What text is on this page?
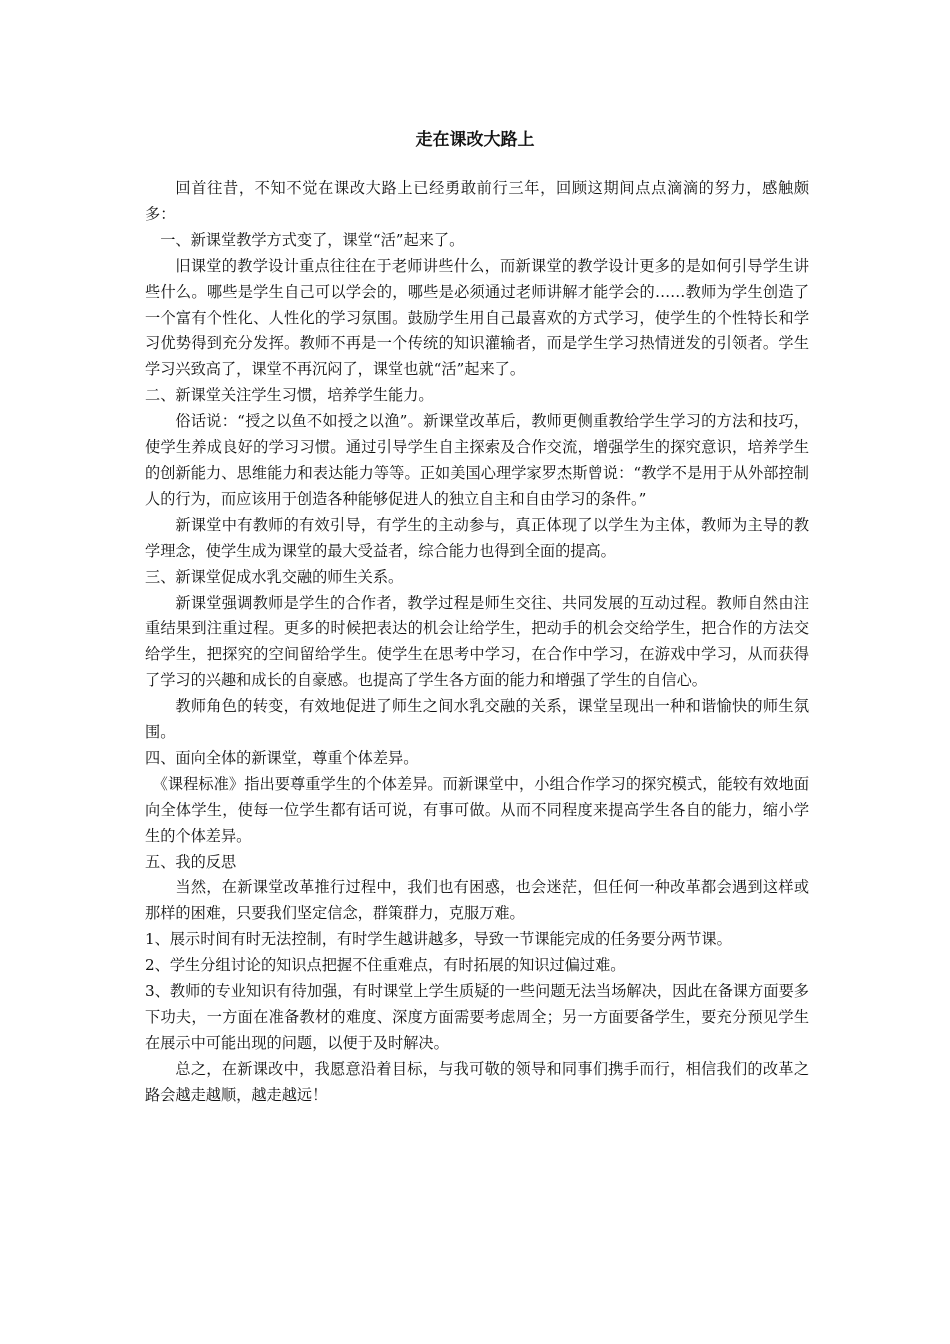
走在课改大路上

回首往昔，不知不觉在课改大路上已经勇敢前行三年，回顾这期间点点滴滴的努力，感触颇多：

一、新课堂教学方式变了，课堂“活”起来了。

旧课堂的教学设计重点往往在于老师讲些什么，而新课堂的教学设计更多的是如何引导学生讲些什么。哪些是学生自己可以学会的，哪些是必须通过老师讲解才能学会的……教师为学生创造了一个富有个性化、人性化的学习氛围。鼓励学生用自己最喜欢的方式学习，使学生的个性特长和学习优势得到充分发挥。教师不再是一个传统的知识灌输者，而是学生学习热情迸发的引领者。学生学习兴致高了，课堂不再沉闷了，课堂也就“活”起来了。

二、新课堂关注学生习惯，培养学生能力。

俗话说：“授之以鱼不如授之以渔”。新课堂改革后，教师更侧重教给学生学习的方法和技巧，使学生养成良好的学习习惯。通过引导学生自主探索及合作交流，增强学生的探究意识，培养学生的创新能力、思维能力和表达能力等等。正如美国心理学家罗杰斯曾说：“教学不是用于从外部控制人的行为，而应该用于创造各种能够促进人的独立自主和自由学习的条件。”

新课堂中有教师的有效引导，有学生的主动参与，真正体现了以学生为主体，教师为主导的教学理念，使学生成为课堂的最大受益者，综合能力也得到全面的提高。

三、新课堂促成水乳交融的师生关系。

新课堂强调教师是学生的合作者，教学过程是师生交往、共同发展的互动过程。教师自然由注重结果到注重过程。更多的时候把表达的机会让给学生，把动手的机会交给学生，把合作的方法交给学生，把探究的空间留给学生。使学生在思考中学习，在合作中学习，在游戏中学习，从而获得了学习的兴趣和成长的自豪感。也提高了学生各方面的能力和增强了学生的自信心。

教师角色的转变，有效地促进了师生之间水乳交融的关系，课堂呈现出一种和谐愉快的师生氛围。

四、面向全体的新课堂，尊重个体差异。

《课程标准》指出要尊重学生的个体差异。而新课堂中，小组合作学习的探究模式，能较有效地面向全体学生，使每一位学生都有话可说，有事可做。从而不同程度来提高学生各自的能力，缩小学生的个体差异。

五、我的反思

当然，在新课堂改革推行过程中，我们也有困惑，也会迷茫，但任何一种改革都会遇到这样或那样的困难，只要我们坚定信念，群策群力，克服万难。

1、展示时间有时无法控制，有时学生越讲越多，导致一节课能完成的任务要分两节课。

2、学生分组讨论的知识点把握不住重难点，有时拓展的知识过偏过难。

3、教师的专业知识有待加强，有时课堂上学生质疑的一些问题无法当场解决，因此在备课方面要多下功夫，一方面在准备教材的难度、深度方面需要考虑周全；另一方面要备学生，要充分预见学生在展示中可能出现的问题，以便于及时解决。

总之，在新课改中，我愿意沿着目标，与我可敬的领导和同事们携手而行，相信我们的改革之路会越走越顺，越走越远！
